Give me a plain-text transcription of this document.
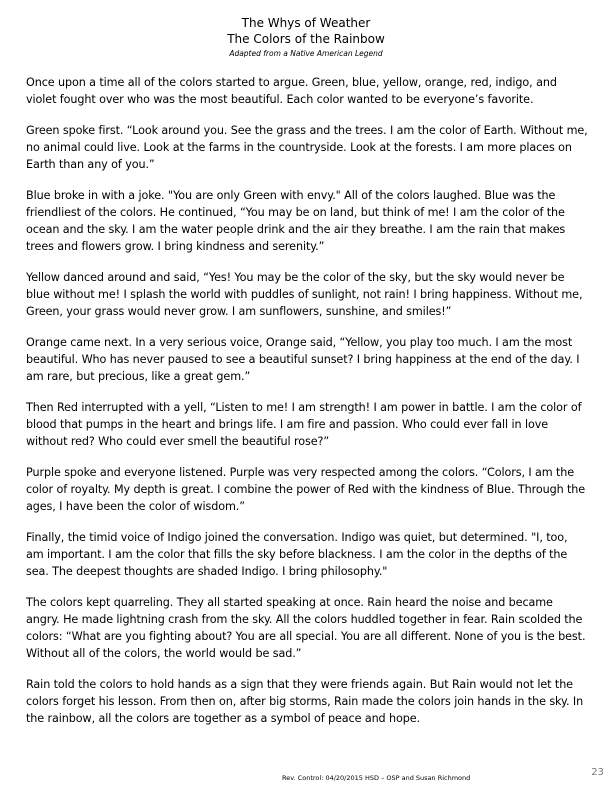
The Whys of Weather
The Colors of the Rainbow
Adapted from a Native American Legend

Once upon a time all of the colors started to argue. Green, blue, yellow, orange, red, indigo, and violet fought over who was the most beautiful. Each color wanted to be everyone’s favorite.

Green spoke first. “Look around you. See the grass and the trees. I am the color of Earth. Without me, no animal could live. Look at the farms in the countryside. Look at the forests. I am more places on Earth than any of you.”

Blue broke in with a joke. "You are only Green with envy." All of the colors laughed. Blue was the friendliest of the colors. He continued, “You may be on land, but think of me! I am the color of the ocean and the sky. I am the water people drink and the air they breathe. I am the rain that makes trees and flowers grow. I bring kindness and serenity.”

Yellow danced around and said, “Yes! You may be the color of the sky, but the sky would never be blue without me! I splash the world with puddles of sunlight, not rain! I bring happiness. Without me, Green, your grass would never grow. I am sunflowers, sunshine, and smiles!”

Orange came next. In a very serious voice, Orange said, “Yellow, you play too much. I am the most beautiful. Who has never paused to see a beautiful sunset? I bring happiness at the end of the day. I am rare, but precious, like a great gem.”

Then Red interrupted with a yell, “Listen to me! I am strength! I am power in battle. I am the color of blood that pumps in the heart and brings life. I am fire and passion. Who could ever fall in love without red? Who could ever smell the beautiful rose?”

Purple spoke and everyone listened. Purple was very respected among the colors. “Colors, I am the color of royalty. My depth is great. I combine the power of Red with the kindness of Blue. Through the ages, I have been the color of wisdom.”

Finally, the timid voice of Indigo joined the conversation. Indigo was quiet, but determined. "I, too, am important. I am the color that fills the sky before blackness. I am the color in the depths of the sea. The deepest thoughts are shaded Indigo. I bring philosophy."

The colors kept quarreling. They all started speaking at once. Rain heard the noise and became angry. He made lightning crash from the sky. All the colors huddled together in fear. Rain scolded the colors: “What are you fighting about? You are all special. You are all different. None of you is the best. Without all of the colors, the world would be sad.”

Rain told the colors to hold hands as a sign that they were friends again. But Rain would not let the colors forget his lesson. From then on, after big storms, Rain made the colors join hands in the sky. In the rainbow, all the colors are together as a symbol of peace and hope.

Rev. Control: 04/20/2015 HSD – OSP and Susan Richmond	23
